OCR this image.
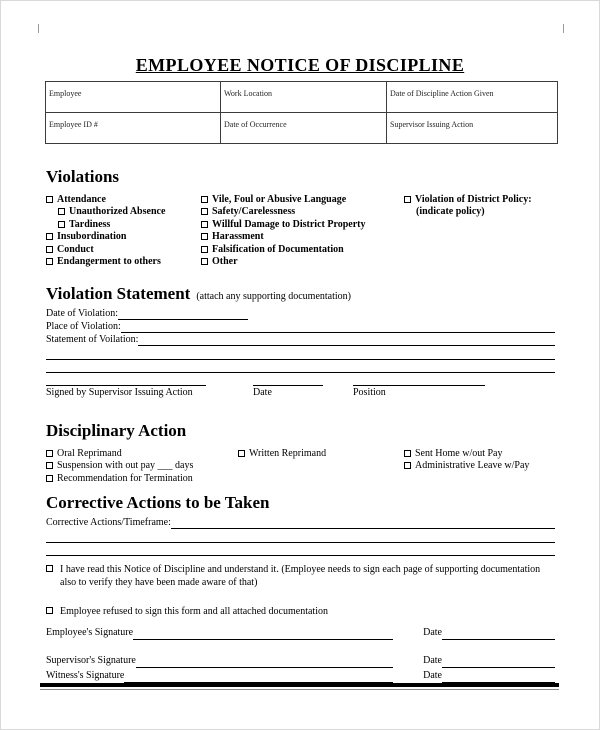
EMPLOYEE NOTICE OF DISCIPLINE
Employee	Work Location	Date of Discipline Action Given
Employee ID #	Date of Occurrence	Supervisor Issuing Action
Violations
Attendance
Unauthorized Absence
Tardiness
Insubordination
Conduct
Endangerment to others
Vile, Foul or Abusive Language
Safety/Carelessness
Willful Damage to District Property
Harassment
Falsification of Documentation
Other
Violation of District Policy:
(indicate policy)
Violation Statement (attach any supporting documentation)
Date of Violation:
Place of Violation:
Statement of Voilation:
Signed by Supervisor Issuing Action	Date	Position
Disciplinary Action
Oral Reprimand
Suspension with out pay ___ days
Recommendation for Termination
Written Reprimand	Sent Home w/out Pay
Administrative Leave w/Pay
Corrective Actions to be Taken
Corrective Actions/Timeframe:
I have read this Notice of Discipline and understand it. (Employee needs to sign each page of supporting documentation also to verify they have been made aware of that)
Employee refused to sign this form and all attached documentation
Employee's Signature	Date
Supervisor's Signature	Date
Witness's Signature	Date
